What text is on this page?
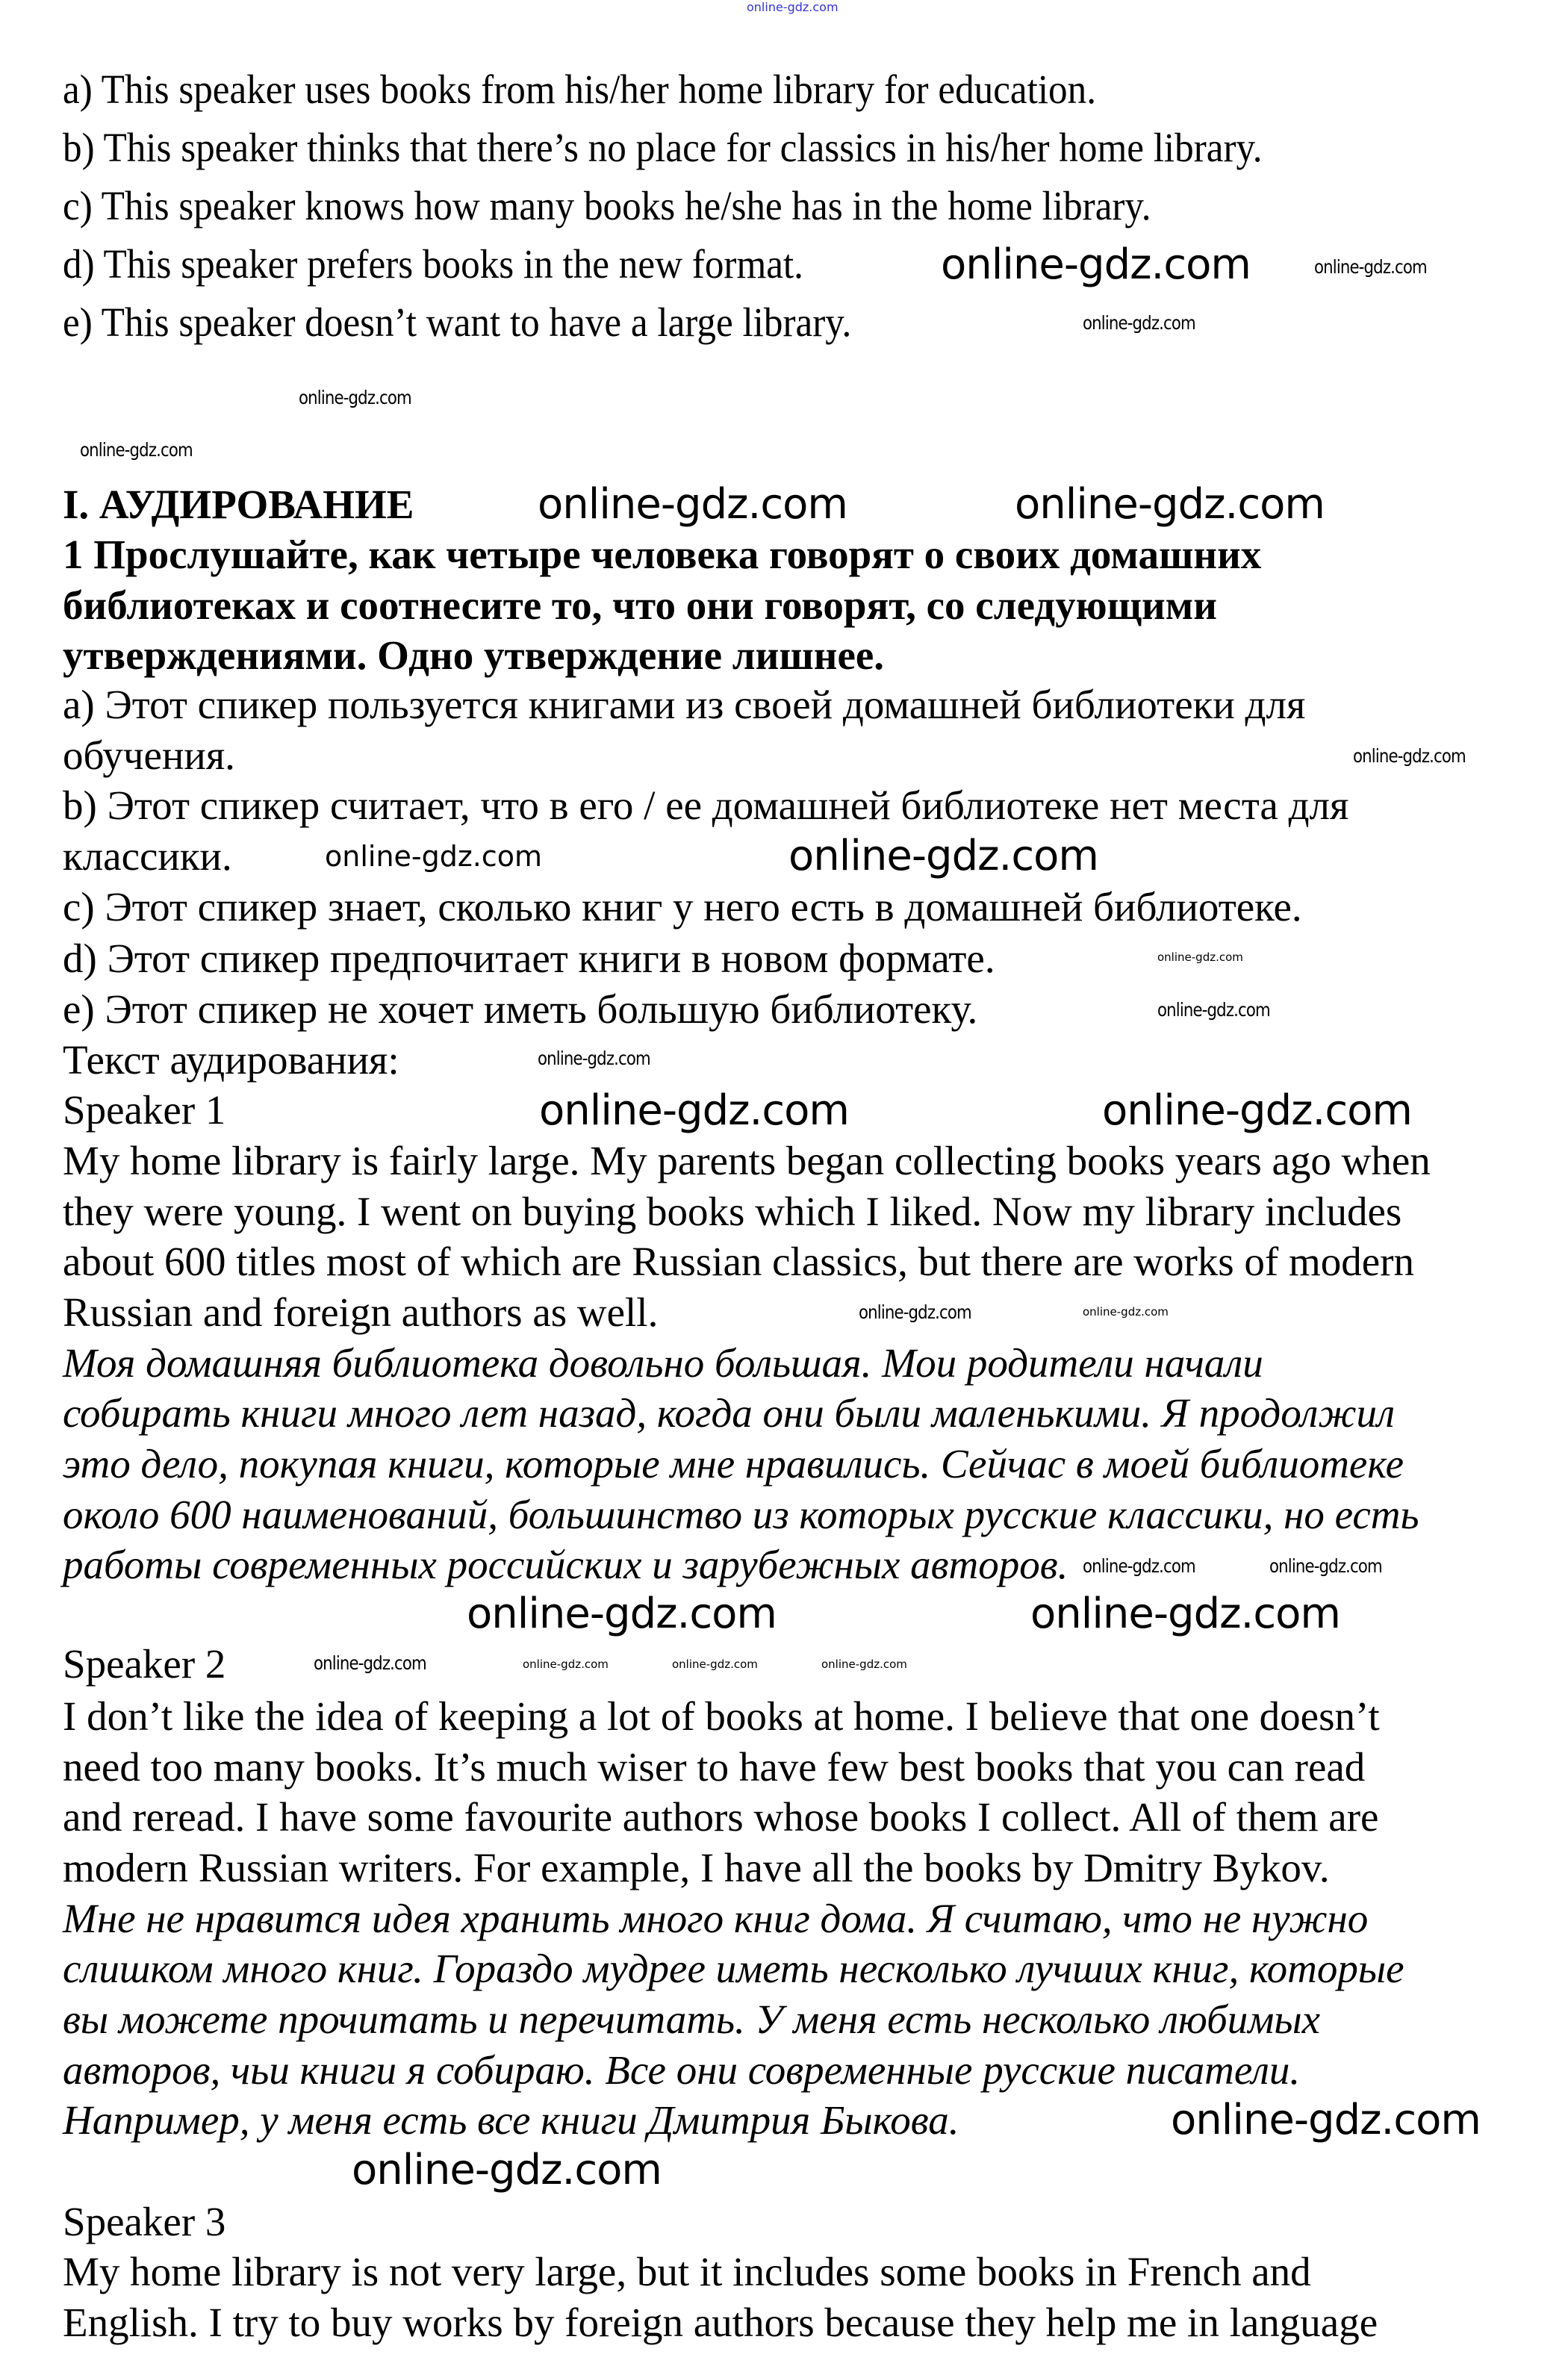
online-gdz.com
a) This speaker uses books from his/her home library for education.
b) This speaker thinks that there’s no place for classics in his/her home library.
c) This speaker knows how many books he/she has in the home library.
d) This speaker prefers books in the new format.
e) This speaker doesn’t want to have a large library.
I. АУДИРОВАНИЕ
1 Прослушайте, как четыре человека говорят о своих домашних
библиотеках и соотнесите то, что они говорят, со следующими
утверждениями. Одно утверждение лишнее.
a) Этот спикер пользуется книгами из своей домашней библиотеки для
обучения.
b) Этот спикер считает, что в его / ее домашней библиотеке нет места для
классики.
c) Этот спикер знает, сколько книг у него есть в домашней библиотеке.
d) Этот спикер предпочитает книги в новом формате.
e) Этот спикер не хочет иметь большую библиотеку.
Текст аудирования:
Speaker 1
My home library is fairly large. My parents began collecting books years ago when
they were young. I went on buying books which I liked. Now my library includes
about 600 titles most of which are Russian classics, but there are works of modern
Russian and foreign authors as well.
Моя домашняя библиотека довольно большая. Мои родители начали
собирать книги много лет назад, когда они были маленькими. Я продолжил
это дело, покупая книги, которые мне нравились. Сейчас в моей библиотеке
около 600 наименований, большинство из которых русские классики, но есть
работы современных российских и зарубежных авторов.
Speaker 2
I don’t like the idea of keeping a lot of books at home. I believe that one doesn’t
need too many books. It’s much wiser to have few best books that you can read
and reread. I have some favourite authors whose books I collect. All of them are
modern Russian writers. For example, I have all the books by Dmitry Bykov.
Мне не нравится идея хранить много книг дома. Я считаю, что не нужно
слишком много книг. Гораздо мудрее иметь несколько лучших книг, которые
вы можете прочитать и перечитать. У меня есть несколько любимых
авторов, чьи книги я собираю. Все они современные русские писатели.
Например, у меня есть все книги Дмитрия Быкова.
Speaker 3
My home library is not very large, but it includes some books in French and
English. I try to buy works by foreign authors because they help me in language
online-gdz.com
online-gdz.com
online-gdz.com
online-gdz.com
online-gdz.com	online-gdz.com
online-gdz.com
online-gdz.com
online-gdz.com	online-gdz.com
online-gdz.com
online-gdz.com
online-gdz.com	online-gdz.com
online-gdz.com
online-gdz.com	online-gdz.com
online-gdz.com	online-gdz.com
online-gdz.com	online-gdz.com	online-gdz.com
online-gdz.com	online-gdz.com
online-gdz.com
online-gdz.com
online-gdz.com
